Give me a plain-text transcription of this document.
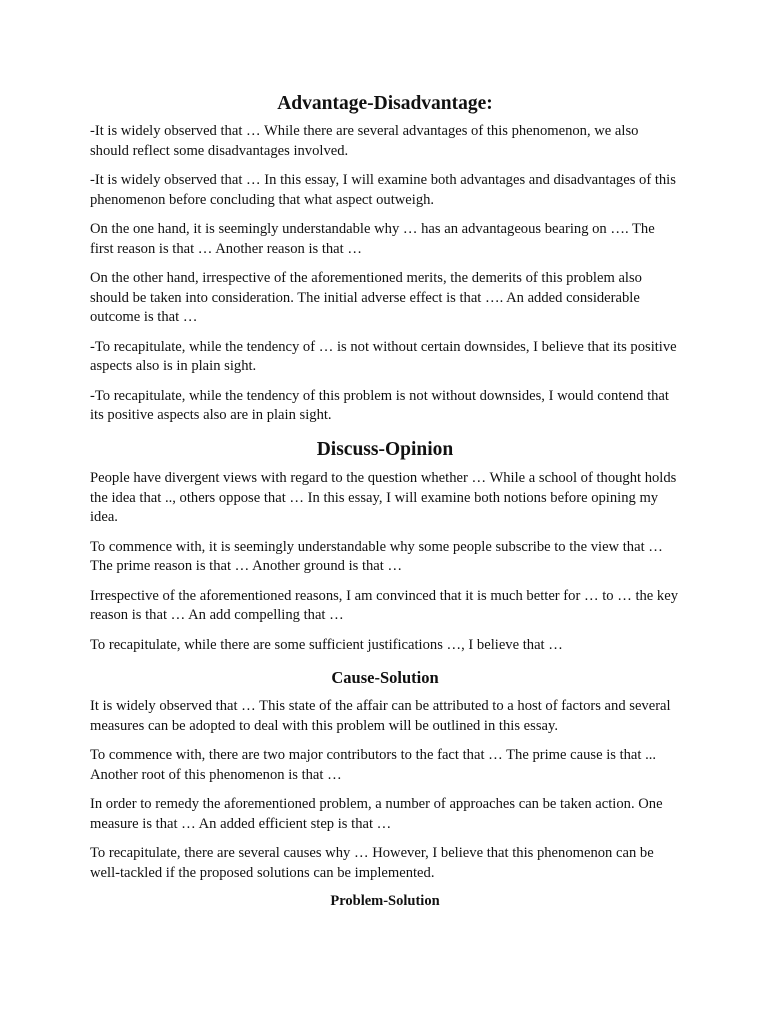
Advantage-Disadvantage:

-It is widely observed that … While there are several advantages of this phenomenon, we also should reflect some disadvantages involved.

-It is widely observed that … In this essay, I will examine both advantages and disadvantages of this phenomenon before concluding that what aspect outweigh.

On the one hand, it is seemingly understandable why … has an advantageous bearing on …. The first reason is that … Another reason is that …

On the other hand, irrespective of the aforementioned merits, the demerits of this problem also should be taken into consideration. The initial adverse effect is that …. An added considerable outcome is that …

-To recapitulate, while the tendency of … is not without certain downsides, I believe that its positive aspects also is in plain sight.

-To recapitulate, while the tendency of this problem is not without downsides, I would contend that its positive aspects also are in plain sight.

Discuss-Opinion

People have divergent views with regard to the question whether … While a school of thought holds the idea that .., others oppose that … In this essay, I will examine both notions before opining my idea.

To commence with, it is seemingly understandable why some people subscribe to the view that … The prime reason is that … Another ground is that …

Irrespective of the aforementioned reasons, I am convinced that it is much better for … to … the key reason is that … An add compelling that …

To recapitulate, while there are some sufficient justifications …, I believe that …

Cause-Solution

It is widely observed that … This state of the affair can be attributed to a host of factors and several measures can be adopted to deal with this problem will be outlined in this essay.

To commence with, there are two major contributors to the fact that … The prime cause is that ... Another root of this phenomenon is that …

In order to remedy the aforementioned problem, a number of approaches can be taken action. One measure is that … An added efficient step is that …

To recapitulate, there are several causes why … However, I believe that this phenomenon can be well-tackled if the proposed solutions can be implemented.

Problem-Solution
